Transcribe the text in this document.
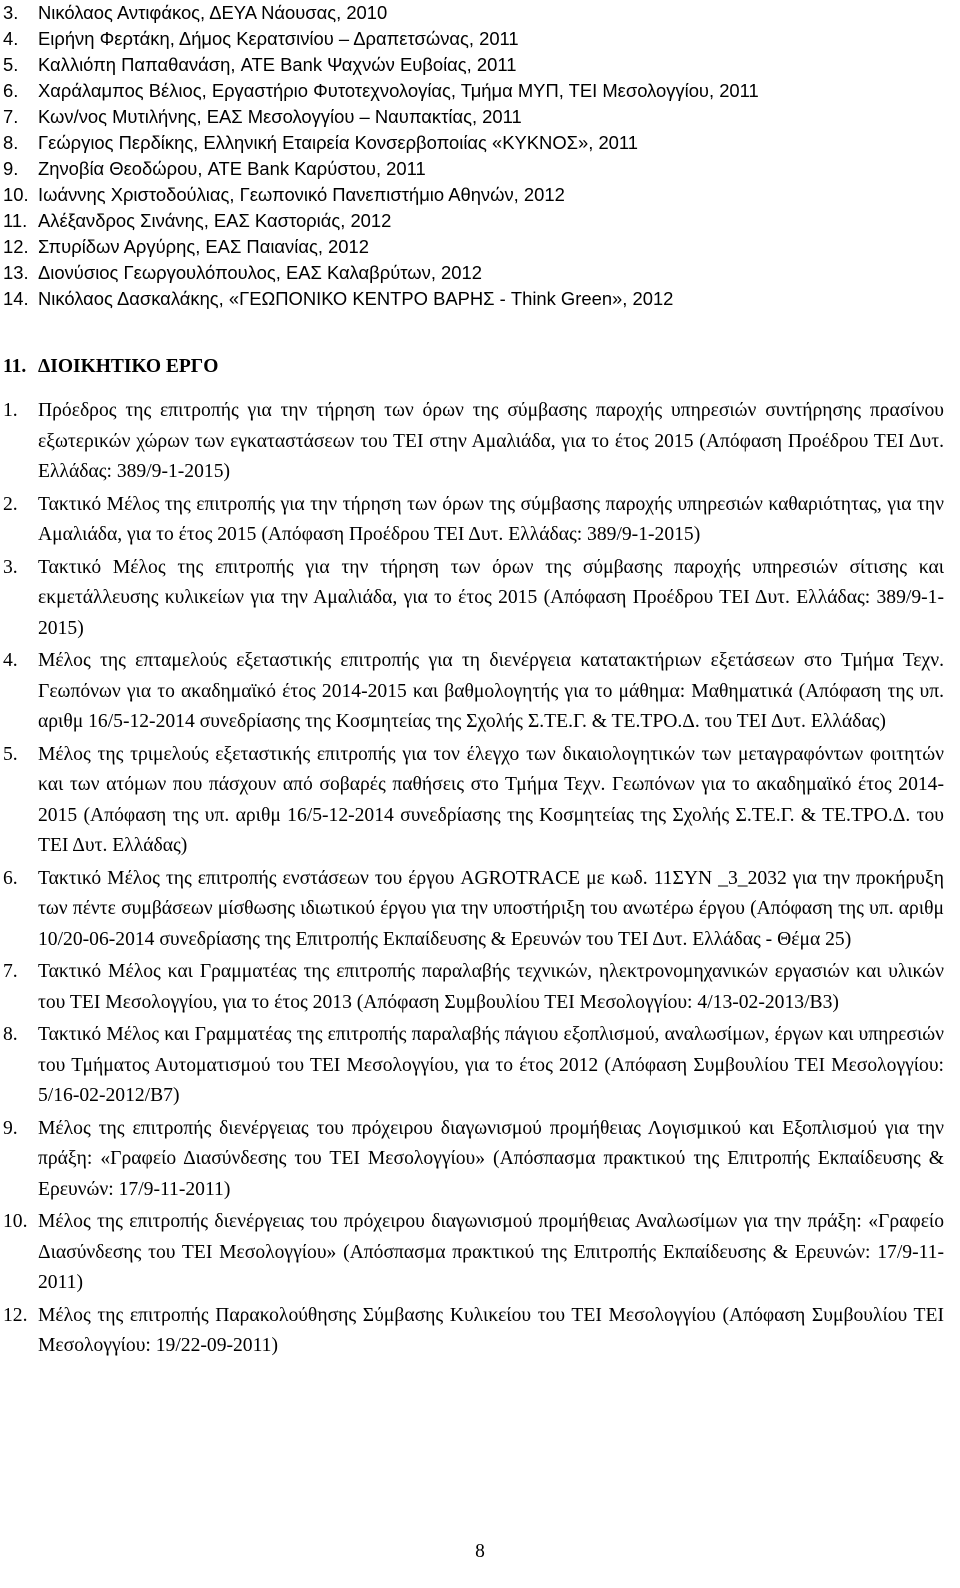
3. Νικόλαος Αντιφάκος, ΔΕΥΑ Νάουσας, 2010
4. Ειρήνη Φερτάκη, Δήμος Κερατσινίου – Δραπετσώνας, 2011
5. Καλλιόπη Παπαθανάση, ATE Bank Ψαχνών Ευβοίας, 2011
6. Χαράλαμπος Βέλιος, Εργαστήριο Φυτοτεχνολογίας, Τμήμα ΜΥΠ, ΤΕΙ Μεσολογγίου, 2011
7. Κων/νος Μυτιλήνης, ΕΑΣ Μεσολογγίου – Ναυπακτίας, 2011
8. Γεώργιος Περδίκης, Ελληνική Εταιρεία Κονσερβοποιίας «ΚΥΚΝΟΣ», 2011
9. Ζηνοβία Θεοδώρου, ATE Bank Καρύστου, 2011
10. Ιωάννης Χριστοδούλιας, Γεωπονικό Πανεπιστήμιο Αθηνών, 2012
11. Αλέξανδρος Σινάνης, ΕΑΣ Καστοριάς, 2012
12. Σπυρίδων Αργύρης, ΕΑΣ Παιανίας, 2012
13. Διονύσιος Γεωργουλόπουλος, ΕΑΣ Καλαβρύτων, 2012
14. Νικόλαος Δασκαλάκης, «ΓΕΩΠΟΝΙΚΟ ΚΕΝΤΡΟ ΒΑΡΗΣ - Think Green», 2012
11. ΔΙΟΙΚΗΤΙΚΟ ΕΡΓΟ
1. Πρόεδρος της επιτροπής για την τήρηση των όρων της σύμβασης παροχής υπηρεσιών συντήρησης πρασίνου εξωτερικών χώρων των εγκαταστάσεων του ΤΕΙ στην Αμαλιάδα, για το έτος 2015 (Απόφαση Προέδρου ΤΕΙ Δυτ. Ελλάδας: 389/9-1-2015)
2. Τακτικό Μέλος της επιτροπής για την τήρηση των όρων της σύμβασης παροχής υπηρεσιών καθαριότητας, για την Αμαλιάδα, για το έτος 2015 (Απόφαση Προέδρου ΤΕΙ Δυτ. Ελλάδας: 389/9-1-2015)
3. Τακτικό Μέλος της επιτροπής για την τήρηση των όρων της σύμβασης παροχής υπηρεσιών σίτισης και εκμετάλλευσης κυλικείων για την Αμαλιάδα, για το έτος 2015 (Απόφαση Προέδρου ΤΕΙ Δυτ. Ελλάδας: 389/9-1-2015)
4. Μέλος της επταμελούς εξεταστικής επιτροπής για τη διενέργεια κατατακτήριων εξετάσεων στο Τμήμα Τεχν. Γεωπόνων για το ακαδημαϊκό έτος 2014-2015 και βαθμολογητής για το μάθημα: Μαθηματικά (Απόφαση της υπ. αριθμ 16/5-12-2014 συνεδρίασης της Κοσμητείας της Σχολής Σ.ΤΕ.Γ. & ΤΕ.ΤΡΟ.Δ. του ΤΕΙ Δυτ. Ελλάδας)
5. Μέλος της τριμελούς εξεταστικής επιτροπής για τον έλεγχο των δικαιολογητικών των μεταγραφόντων φοιτητών και των ατόμων που πάσχουν από σοβαρές παθήσεις στο Τμήμα Τεχν. Γεωπόνων για το ακαδημαϊκό έτος 2014-2015 (Απόφαση της υπ. αριθμ 16/5-12-2014 συνεδρίασης της Κοσμητείας της Σχολής Σ.ΤΕ.Γ. & ΤΕ.ΤΡΟ.Δ. του ΤΕΙ Δυτ. Ελλάδας)
6. Τακτικό Μέλος της επιτροπής ενστάσεων του έργου AGROTRACE με κωδ. 11ΣΥΝ _3_2032 για την προκήρυξη των πέντε συμβάσεων μίσθωσης ιδιωτικού έργου για την υποστήριξη του ανωτέρω έργου (Απόφαση της υπ. αριθμ 10/20-06-2014 συνεδρίασης της Επιτροπής Εκπαίδευσης & Ερευνών του ΤΕΙ Δυτ. Ελλάδας - Θέμα 25)
7. Τακτικό Μέλος και Γραμματέας της επιτροπής παραλαβής τεχνικών, ηλεκτρονομηχανικών εργασιών και υλικών του ΤΕΙ Μεσολογγίου, για το έτος 2013 (Απόφαση Συμβουλίου ΤΕΙ Μεσολογγίου: 4/13-02-2013/Β3)
8. Τακτικό Μέλος και Γραμματέας της επιτροπής παραλαβής πάγιου εξοπλισμού, αναλωσίμων, έργων και υπηρεσιών του Τμήματος Αυτοματισμού του ΤΕΙ Μεσολογγίου, για το έτος 2012 (Απόφαση Συμβουλίου ΤΕΙ Μεσολογγίου: 5/16-02-2012/Β7)
9. Μέλος της επιτροπής διενέργειας του πρόχειρου διαγωνισμού προμήθειας Λογισμικού και Εξοπλισμού για την πράξη: «Γραφείο Διασύνδεσης του ΤΕΙ Μεσολογγίου» (Απόσπασμα πρακτικού της Επιτροπής Εκπαίδευσης & Ερευνών: 17/9-11-2011)
10. Μέλος της επιτροπής διενέργειας του πρόχειρου διαγωνισμού προμήθειας Αναλωσίμων για την πράξη: «Γραφείο Διασύνδεσης του ΤΕΙ Μεσολογγίου» (Απόσπασμα πρακτικού της Επιτροπής Εκπαίδευσης & Ερευνών: 17/9-11-2011)
12. Μέλος της επιτροπής Παρακολούθησης Σύμβασης Κυλικείου του ΤΕΙ Μεσολογγίου (Απόφαση Συμβουλίου ΤΕΙ Μεσολογγίου: 19/22-09-2011)
8
